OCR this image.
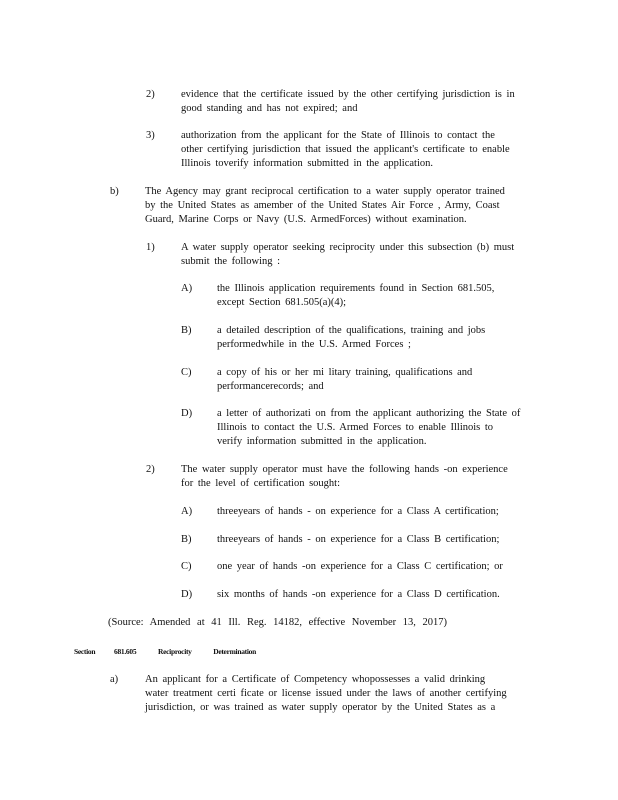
2)	evidence that the certificate issued by the other certifying jurisdiction is in

good standing and has not expired; and

3)	authorization from the applicant for the State of Illinois to contact the

other certifying jurisdiction that issued the applicant's certificate to enable

Illinois toverify information submitted in the application.

b)	The Agency may grant reciprocal certification to a water supply operator trained

by the United States as amember of the United States Air Force , Army, Coast

Guard, Marine Corps or Navy (U.S. ArmedForces) without examination.

1)	A water supply operator seeking reciprocity under this subsection (b) must

submit the following :

A) the Illinois application requirements found in Section 681.505,

except Section 681.505(a)(4);

B) a detailed description of the qualifications, training and jobs

performedwhile in the U.S. Armed Forces ;

C) a copy of his or her mi litary training, qualifications and

performancerecords; and

D) a letter of authorizati on from the applicant authorizing the State of

Illinois to contact the U.S. Armed Forces to enable Illinois to

verify information submitted in the application.

2)	The water supply operator must have the following hands -on experience

for the level of certification sought:

A) threeyears of hands - on experience for a Class A certification;

B) threeyears of hands - on experience for a Class B certification;

C) one year of hands -on experience for a Class C certification; or

D) six months of hands -on experience for a Class D certification.

(Source: Amended at 41 Ill. Reg. 14182, effective November 13, 2017)

Section	681.605	Reciprocity Determination

a)	An applicant for a Certificate of Competency whopossesses a valid drinking

water treatment certi ficate or license issued under the laws of another certifying

jurisdiction, or was trained as water supply operator by the United States as a
